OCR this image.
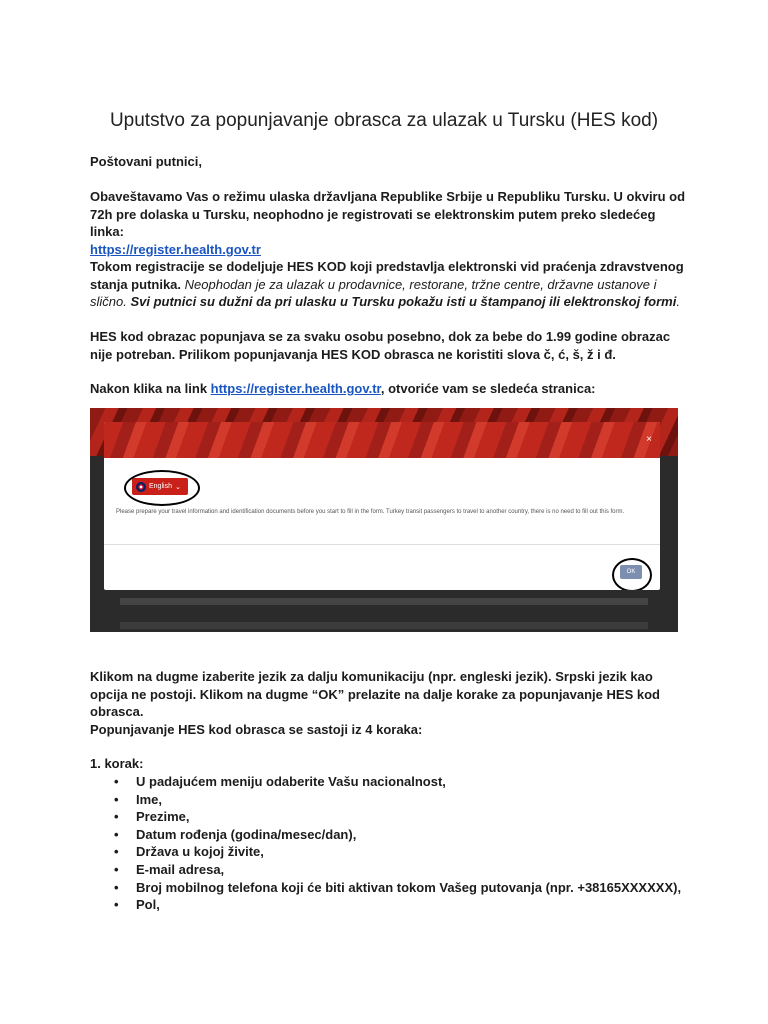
Uputstvo za popunjavanje obrasca za ulazak u Tursku (HES kod)
Poštovani putnici,
Obaveštavamo Vas o režimu ulaska državljana Republike Srbije u Republiku Tursku. U okviru od 72h pre dolaska u Tursku, neophodno je registrovati se elektronskim putem preko sledećeg linka:
https://register.health.gov.tr
Tokom registracije se dodeljuje HES KOD koji predstavlja elektronski vid praćenja zdravstvenog stanja putnika. Neophodan je za ulazak u prodavnice, restorane, tržne centre, državne ustanove i slično. Svi putnici su dužni da pri ulasku u Tursku pokažu isti u štampanoj ili elektronskoj formi.
HES kod obrazac popunjava se za svaku osobu posebno, dok za bebe do 1.99 godine obrazac nije potreban. Prilikom popunjavanja HES KOD obrasca ne koristiti slova č, ć, š, ž i đ.
Nakon klika na link https://register.health.gov.tr, otvoriće vam se sledeća stranica:
×
English ⌄
Please prepare your travel information and identification documents before you start to fill in the form. Turkey transit passengers to travel to another country, there is no need to fill out this form.
OK
Klikom na dugme izaberite jezik za dalju komunikaciju (npr. engleski jezik). Srpski jezik kao opcija ne postoji. Klikom na dugme “OK” prelazite na dalje korake za popunjavanje HES kod obrasca.
Popunjavanje HES kod obrasca se sastoji iz 4 koraka:
1. korak:
• U padajućem meniju odaberite Vašu nacionalnost,
• Ime,
• Prezime,
• Datum rođenja (godina/mesec/dan),
• Država u kojoj živite,
• E-mail adresa,
• Broj mobilnog telefona koji će biti aktivan tokom Vašeg putovanja (npr. +38165XXXXXX),
• Pol,
